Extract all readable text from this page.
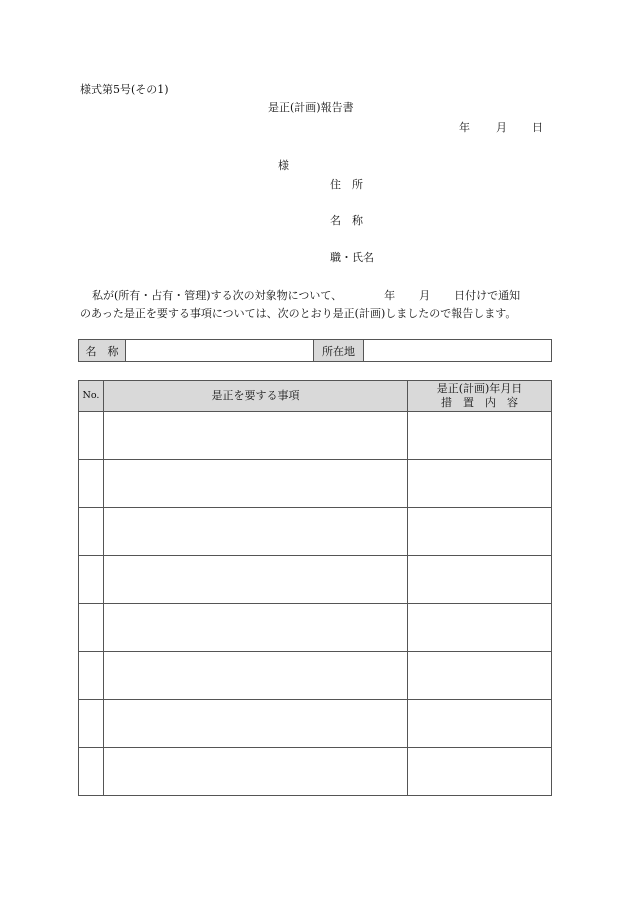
様式第5号(その1)
是正(計画)報告書
年 月 日
様
住　所
名　称
職・氏名
私が(所有・占有・管理)する次の対象物について、	年 月 日付けで通知
のあった是正を要する事項については、次のとおり是正(計画)しましたので報告します。
名　称		所在地	
No.	是正を要する事項	是正(計画)年月日
措　置　内　容
